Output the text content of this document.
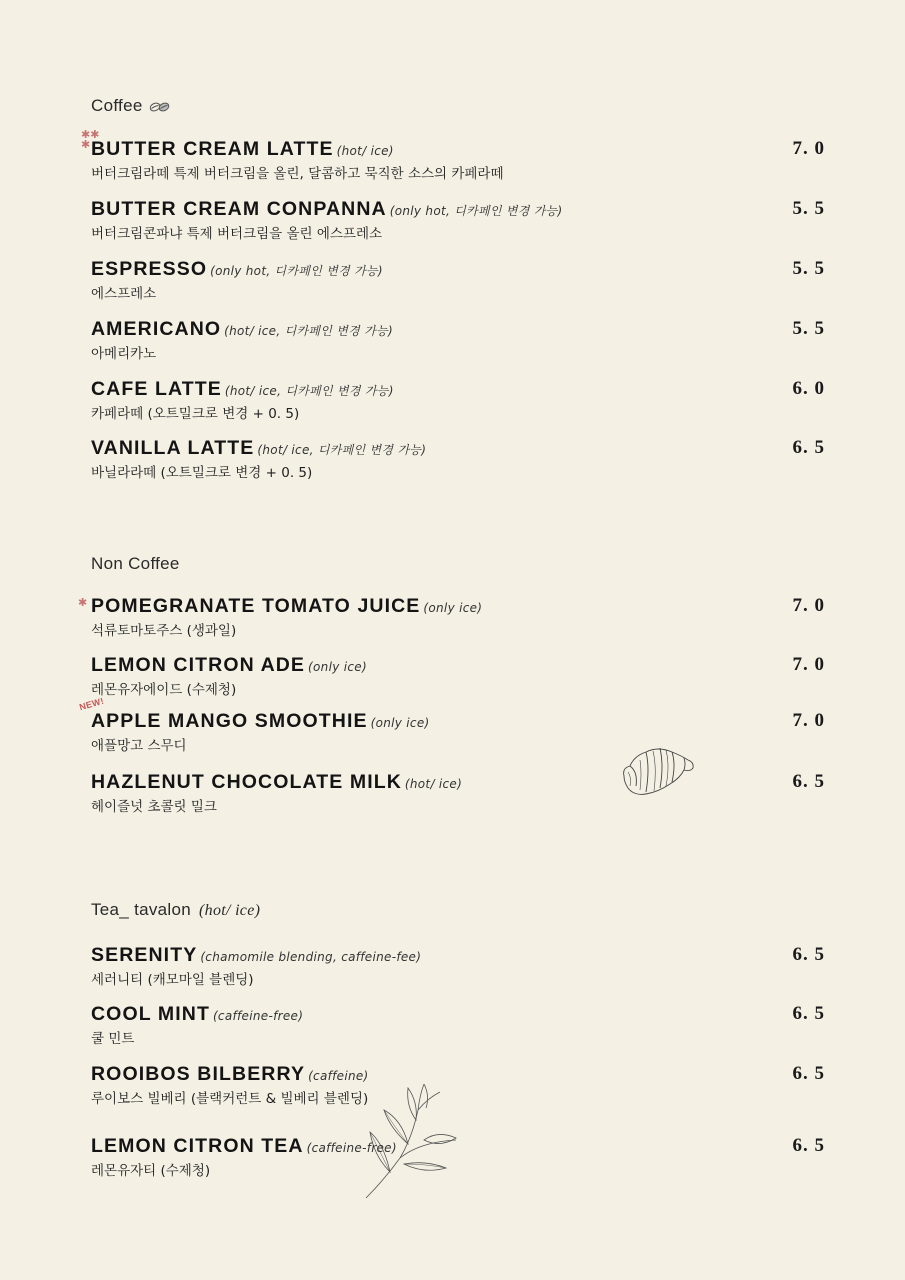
Coffee
✱✱
✱ BUTTER CREAM LATTE (hot/ ice)
버터크림라떼 특제 버터크림을 올린, 달콤하고 묵직한 소스의 카페라떼
7. 0
BUTTER CREAM CONPANNA (only hot, 디카페인 변경 가능)
버터크림콘파냐 특제 버터크림을 올린 에스프레소
5. 5
ESPRESSO (only hot, 디카페인 변경 가능)
에스프레소
5. 5
AMERICANO (hot/ ice, 디카페인 변경 가능)
아메리카노
5. 5
CAFE LATTE (hot/ ice, 디카페인 변경 가능)
카페라떼 (오트밀크로 변경 + 0. 5)
6. 0
VANILLA LATTE (hot/ ice, 디카페인 변경 가능)
바닐라라떼 (오트밀크로 변경 + 0. 5)
6. 5
Non Coffee
✱ POMEGRANATE TOMATO JUICE (only ice)
석류토마토주스 (생과일)
7. 0
LEMON CITRON ADE (only ice)
레몬유자에이드 (수제청)
7. 0
NEW!
APPLE MANGO SMOOTHIE (only ice)
애플망고 스무디
7. 0
HAZLENUT CHOCOLATE MILK (hot/ ice)
헤이즐넛 초콜릿 밀크
6. 5
Tea_ tavalon (hot/ ice)
SERENITY (chamomile blending, caffeine-fee)
세러니티 (캐모마일 블렌딩)
6. 5
COOL MINT (caffeine-free)
쿨 민트
6. 5
ROOIBOS BILBERRY (caffeine)
루이보스 빌베리 (블랙커런트 & 빌베리 블렌딩)
6. 5
LEMON CITRON TEA (caffeine-free)
레몬유자티 (수제청)
6. 5
